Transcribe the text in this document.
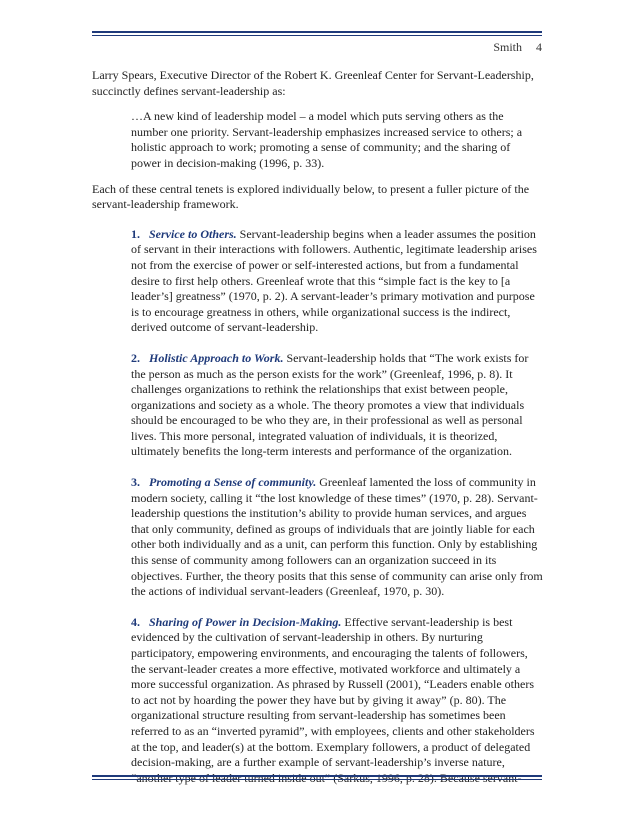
Smith 4

Larry Spears, Executive Director of the Robert K. Greenleaf Center for Servant-Leadership, succinctly defines servant-leadership as:

…A new kind of leadership model – a model which puts serving others as the number one priority. Servant-leadership emphasizes increased service to others; a holistic approach to work; promoting a sense of community; and the sharing of power in decision-making (1996, p. 33).

Each of these central tenets is explored individually below, to present a fuller picture of the servant-leadership framework.

1. Service to Others. Servant-leadership begins when a leader assumes the position of servant in their interactions with followers. Authentic, legitimate leadership arises not from the exercise of power or self-interested actions, but from a fundamental desire to first help others. Greenleaf wrote that this “simple fact is the key to [a leader’s] greatness” (1970, p. 2). A servant-leader’s primary motivation and purpose is to encourage greatness in others, while organizational success is the indirect, derived outcome of servant-leadership.

2. Holistic Approach to Work. Servant-leadership holds that “The work exists for the person as much as the person exists for the work” (Greenleaf, 1996, p. 8). It challenges organizations to rethink the relationships that exist between people, organizations and society as a whole. The theory promotes a view that individuals should be encouraged to be who they are, in their professional as well as personal lives. This more personal, integrated valuation of individuals, it is theorized, ultimately benefits the long-term interests and performance of the organization.

3. Promoting a Sense of community. Greenleaf lamented the loss of community in modern society, calling it “the lost knowledge of these times” (1970, p. 28). Servant-leadership questions the institution’s ability to provide human services, and argues that only community, defined as groups of individuals that are jointly liable for each other both individually and as a unit, can perform this function. Only by establishing this sense of community among followers can an organization succeed in its objectives. Further, the theory posits that this sense of community can arise only from the actions of individual servant-leaders (Greenleaf, 1970, p. 30).

4. Sharing of Power in Decision-Making. Effective servant-leadership is best evidenced by the cultivation of servant-leadership in others. By nurturing participatory, empowering environments, and encouraging the talents of followers, the servant-leader creates a more effective, motivated workforce and ultimately a more successful organization. As phrased by Russell (2001), “Leaders enable others to act not by hoarding the power they have but by giving it away” (p. 80). The organizational structure resulting from servant-leadership has sometimes been referred to as an “inverted pyramid”, with employees, clients and other stakeholders at the top, and leader(s) at the bottom. Exemplary followers, a product of delegated decision-making, are a further example of servant-leadership’s inverse nature, “another type of leader turned inside out” (Sarkus, 1996, p. 28). Because servant-
